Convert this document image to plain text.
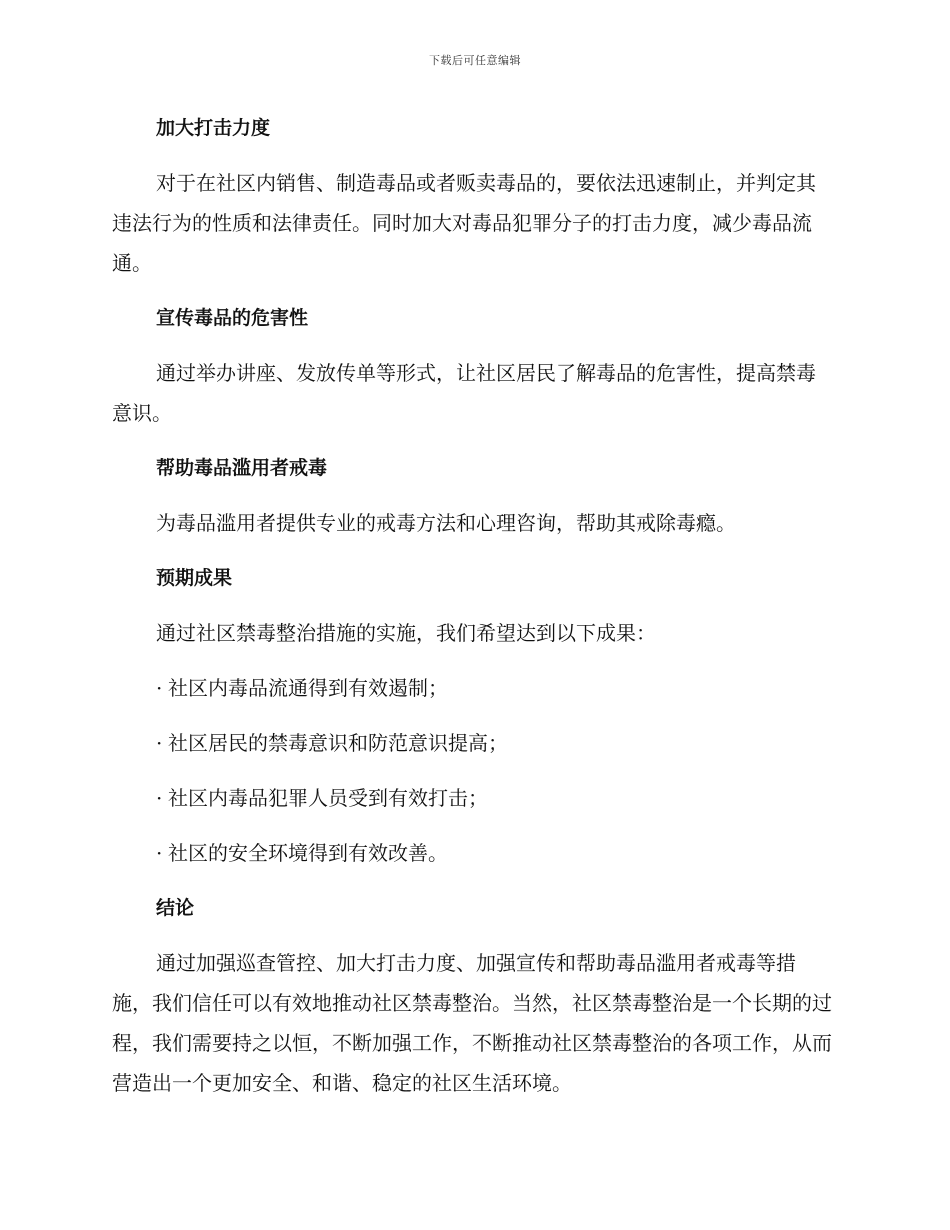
下载后可任意编辑
加大打击力度

对于在社区内销售、制造毒品或者贩卖毒品的，要依法迅速制止，并判定其违法行为的性质和法律责任。同时加大对毒品犯罪分子的打击力度，减少毒品流通。

宣传毒品的危害性

通过举办讲座、发放传单等形式，让社区居民了解毒品的危害性，提高禁毒意识。

帮助毒品滥用者戒毒

为毒品滥用者提供专业的戒毒方法和心理咨询，帮助其戒除毒瘾。

预期成果

通过社区禁毒整治措施的实施，我们希望达到以下成果：

· 社区内毒品流通得到有效遏制；

· 社区居民的禁毒意识和防范意识提高；

· 社区内毒品犯罪人员受到有效打击；

· 社区的安全环境得到有效改善。

结论

通过加强巡查管控、加大打击力度、加强宣传和帮助毒品滥用者戒毒等措施，我们信任可以有效地推动社区禁毒整治。当然，社区禁毒整治是一个长期的过程，我们需要持之以恒，不断加强工作，不断推动社区禁毒整治的各项工作，从而营造出一个更加安全、和谐、稳定的社区生活环境。
